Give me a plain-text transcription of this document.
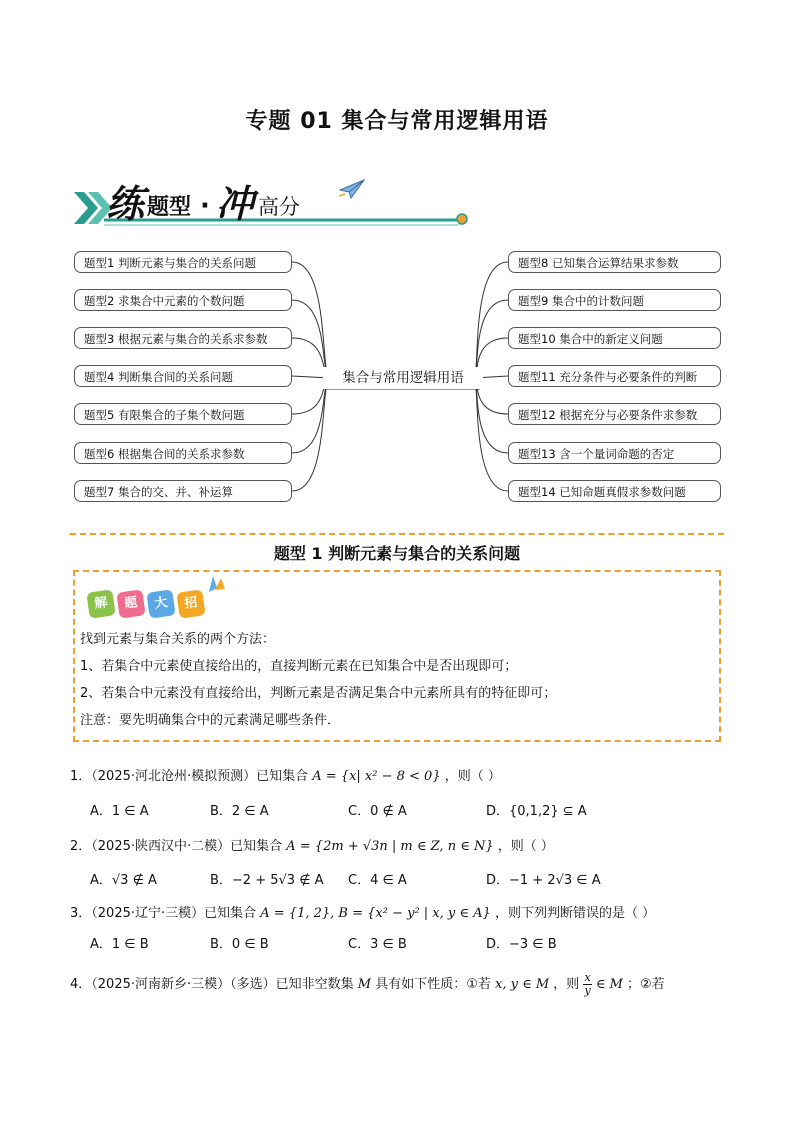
专题 01 集合与常用逻辑用语
练 题型 · 冲 高分
题型1 判断元素与集合的关系问题
题型2 求集合中元素的个数问题
题型3 根据元素与集合的关系求参数
题型4 判断集合间的关系问题
题型5 有限集合的子集个数问题
题型6 根据集合间的关系求参数
题型7 集合的交、并、补运算
题型8 已知集合运算结果求参数
题型9 集合中的计数问题
题型10 集合中的新定义问题
题型11 充分条件与必要条件的判断
题型12 根据充分与必要条件求参数
题型13 含一个量词命题的否定
题型14 已知命题真假求参数问题
集合与常用逻辑用语
题型 1 判断元素与集合的关系问题
解	题	大	招
找到元素与集合关系的两个方法：
1、若集合中元素使直接给出的，直接判断元素在已知集合中是否出现即可；
2、若集合中元素没有直接给出，判断元素是否满足集合中元素所具有的特征即可；
注意：要先明确集合中的元素满足哪些条件．
1．（2025·河北沧州·模拟预测）已知集合 A = {x| x² − 8 < 0} ，则（ ）
A．1 ∈ A	B．2 ∈ A	C．0 ∉ A	D．{0,1,2} ⊆ A
2．（2025·陕西汉中·二模）已知集合 A = {2m + √3n | m ∈ Z, n ∈ N} ，则（ ）
A．√3 ∉ A	B．−2 + 5√3 ∉ A C．4 ∈ A	D．−1 + 2√3 ∈ A
3．（2025·辽宁·三模）已知集合 A = {1, 2}, B = {x² − y² | x, y ∈ A} ，则下列判断错误的是（ ）
A．1 ∈ B	B．0 ∈ B	C．3 ∈ B	D．−3 ∈ B
4．（2025·河南新乡·三模）（多选）已知非空数集 M 具有如下性质：①若 x, y ∈ M ，则 $\frac{x}{y}$ ∈ M ；②若
